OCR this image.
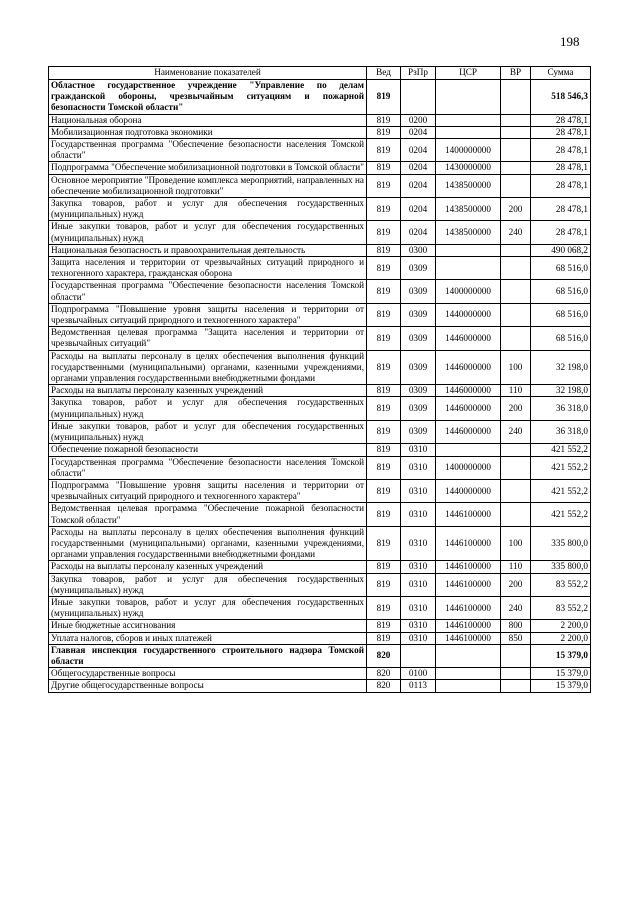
198
Наименование показателей	Вед	РзПр	ЦСР	ВР	Сумма
Областное государственное учреждение "Управление по делам гражданской обороны, чрезвычайным ситуациям и пожарной безопасности Томской области"	819				518 546,3
Национальная оборона	819	0200			28 478,1
Мобилизационная подготовка экономики	819	0204			28 478,1
Государственная программа "Обеспечение безопасности населения Томской области"	819	0204	1400000000		28 478,1
Подпрограмма "Обеспечение мобилизационной подготовки в Томской области"	819	0204	1430000000		28 478,1
Основное мероприятие "Проведение комплекса мероприятий, направленных на обеспечение мобилизационной подготовки"	819	0204	1438500000		28 478,1
Закупка товаров, работ и услуг для обеспечения государственных (муниципальных) нужд	819	0204	1438500000	200	28 478,1
Иные закупки товаров, работ и услуг для обеспечения государственных (муниципальных) нужд	819	0204	1438500000	240	28 478,1
Национальная безопасность и правоохранительная деятельность	819	0300			490 068,2
Защита населения и территории от чрезвычайных ситуаций природного и техногенного характера, гражданская оборона	819	0309			68 516,0
Государственная программа "Обеспечение безопасности населения Томской области"	819	0309	1400000000		68 516,0
Подпрограмма "Повышение уровня защиты населения и территории от чрезвычайных ситуаций природного и техногенного характера"	819	0309	1440000000		68 516,0
Ведомственная целевая программа "Защита населения и территории от чрезвычайных ситуаций"	819	0309	1446000000		68 516,0
Расходы на выплаты персоналу в целях обеспечения выполнения функций государственными (муниципальными) органами, казенными учреждениями, органами управления государственными внебюджетными фондами	819	0309	1446000000	100	32 198,0
Расходы на выплаты персоналу казенных учреждений	819	0309	1446000000	110	32 198,0
Закупка товаров, работ и услуг для обеспечения государственных (муниципальных) нужд	819	0309	1446000000	200	36 318,0
Иные закупки товаров, работ и услуг для обеспечения государственных (муниципальных) нужд	819	0309	1446000000	240	36 318,0
Обеспечение пожарной безопасности	819	0310			421 552,2
Государственная программа "Обеспечение безопасности населения Томской области"	819	0310	1400000000		421 552,2
Подпрограмма "Повышение уровня защиты населения и территории от чрезвычайных ситуаций природного и техногенного характера"	819	0310	1440000000		421 552,2
Ведомственная целевая программа "Обеспечение пожарной безопасности Томской области"	819	0310	1446100000		421 552,2
Расходы на выплаты персоналу в целях обеспечения выполнения функций государственными (муниципальными) органами, казенными учреждениями, органами управления государственными внебюджетными фондами	819	0310	1446100000	100	335 800,0
Расходы на выплаты персоналу казенных учреждений	819	0310	1446100000	110	335 800,0
Закупка товаров, работ и услуг для обеспечения государственных (муниципальных) нужд	819	0310	1446100000	200	83 552,2
Иные закупки товаров, работ и услуг для обеспечения государственных (муниципальных) нужд	819	0310	1446100000	240	83 552,2
Иные бюджетные ассигнования	819	0310	1446100000	800	2 200,0
Уплата налогов, сборов и иных платежей	819	0310	1446100000	850	2 200,0
Главная инспекция государственного строительного надзора Томской области	820				15 379,0
Общегосударственные вопросы	820	0100			15 379,0
Другие общегосударственные вопросы	820	0113			15 379,0
